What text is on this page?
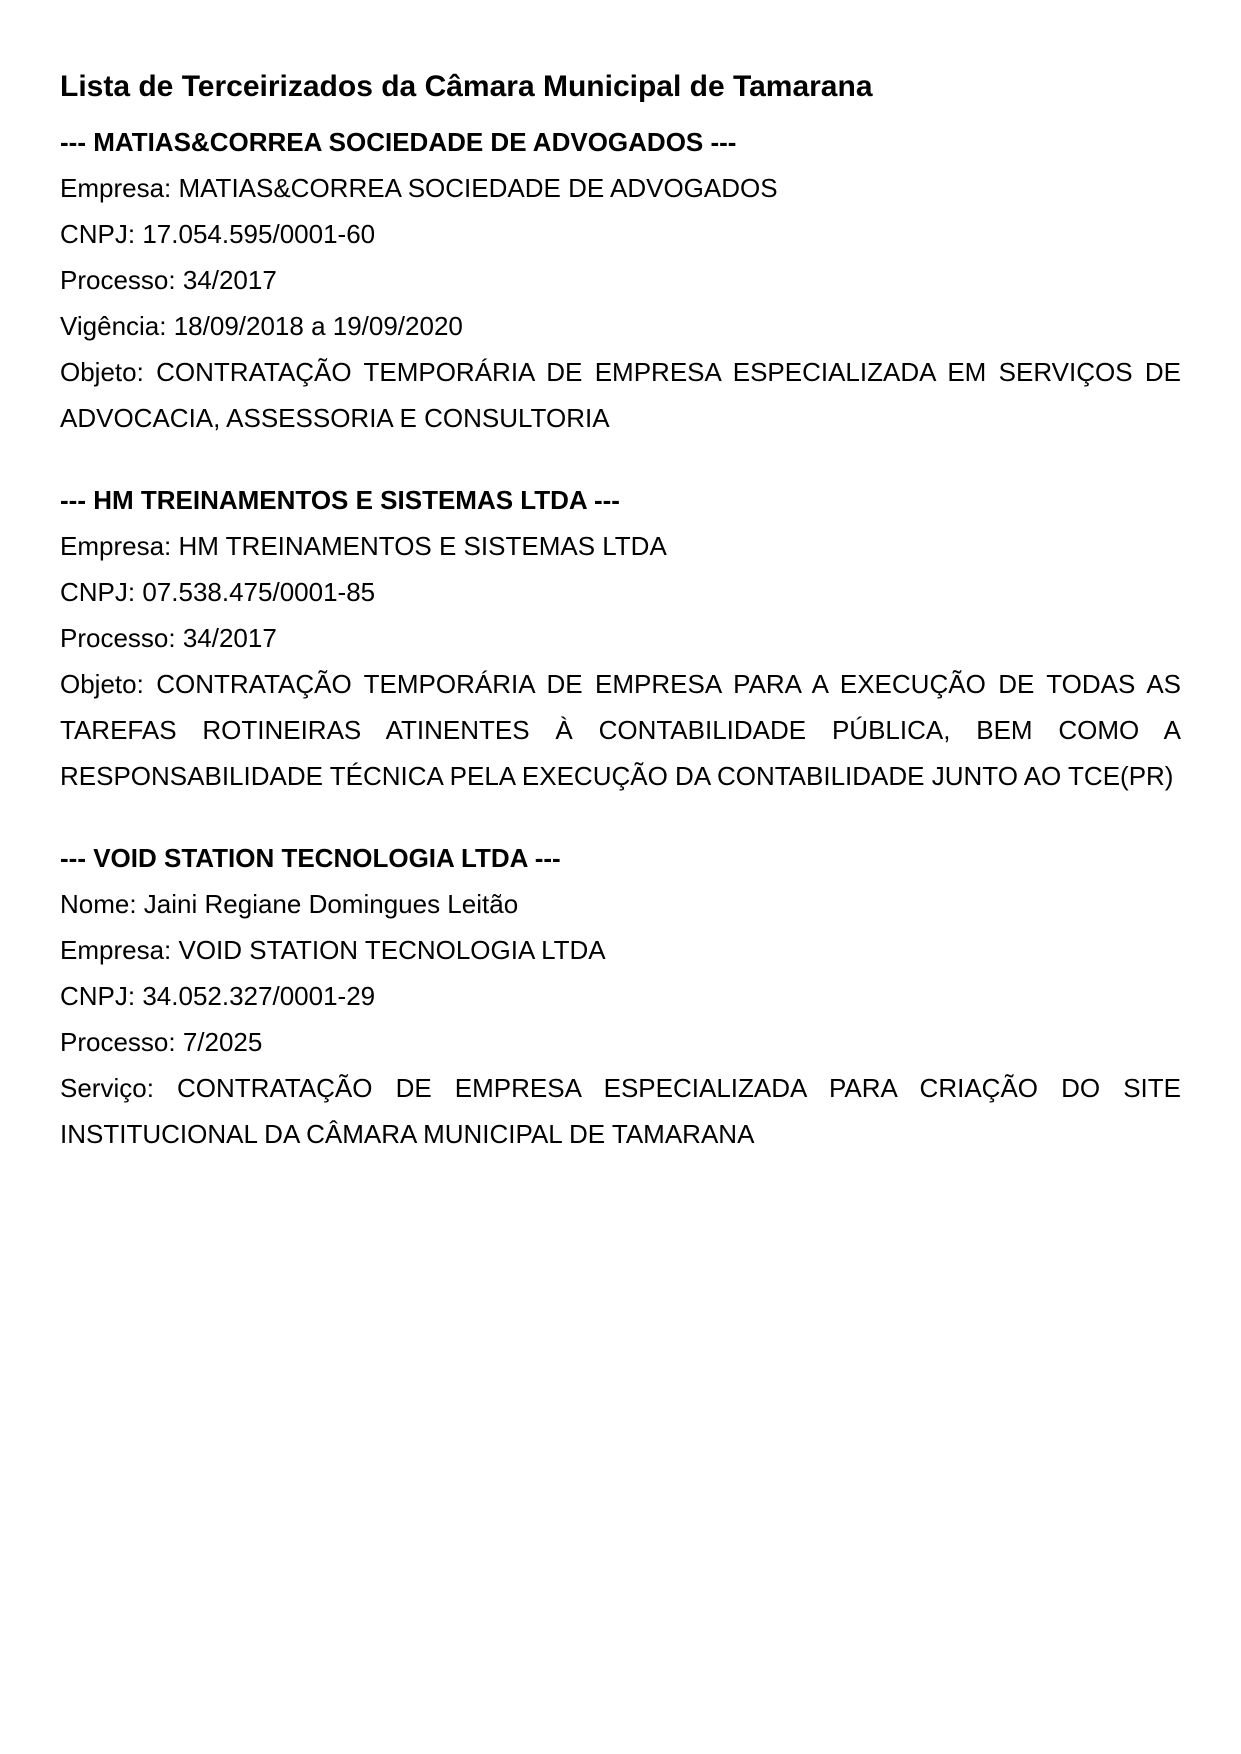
Lista de Terceirizados da Câmara Municipal de Tamarana

--- MATIAS&CORREA SOCIEDADE DE ADVOGADOS ---

Empresa: MATIAS&CORREA SOCIEDADE DE ADVOGADOS

CNPJ: 17.054.595/0001-60

Processo: 34/2017

Vigência: 18/09/2018 a 19/09/2020

Objeto: CONTRATAÇÃO TEMPORÁRIA DE EMPRESA ESPECIALIZADA EM SERVIÇOS DE ADVOCACIA, ASSESSORIA E CONSULTORIA

--- HM TREINAMENTOS E SISTEMAS LTDA ---

Empresa: HM TREINAMENTOS E SISTEMAS LTDA

CNPJ: 07.538.475/0001-85

Processo: 34/2017

Objeto: CONTRATAÇÃO TEMPORÁRIA DE EMPRESA PARA A EXECUÇÃO DE TODAS AS TAREFAS ROTINEIRAS ATINENTES À CONTABILIDADE PÚBLICA, BEM COMO A RESPONSABILIDADE TÉCNICA PELA EXECUÇÃO DA CONTABILIDADE JUNTO AO TCE(PR)

--- VOID STATION TECNOLOGIA LTDA ---

Nome: Jaini Regiane Domingues Leitão

Empresa: VOID STATION TECNOLOGIA LTDA

CNPJ: 34.052.327/0001-29

Processo: 7/2025

Serviço: CONTRATAÇÃO DE EMPRESA ESPECIALIZADA PARA CRIAÇÃO DO SITE INSTITUCIONAL DA CÂMARA MUNICIPAL DE TAMARANA
